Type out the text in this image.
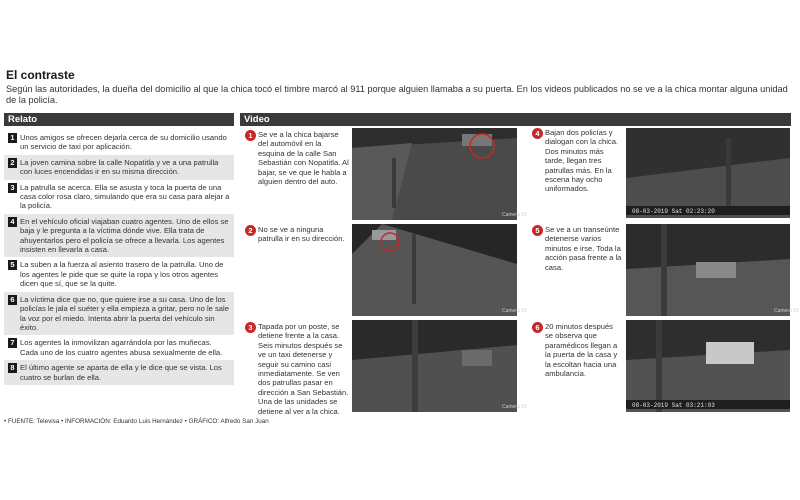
El contraste
Según las autoridades, la dueña del domicilio al que la chica tocó el timbre marcó al 911 porque alguien llamaba a su puerta. En los videos publicados no se ve a la chica montar alguna unidad de la policía.
Relato	Video
1 Unos amigos se ofrecen dejarla cerca de su domicilio usando un servicio de taxi por aplicación.
2 La joven camina sobre la calle Nopatitla y ve a una patrulla con luces encendidas ir en su misma dirección.
3 La patrulla se acerca. Ella se asusta y toca la puerta de una casa color rosa claro, simulando que era su casa para alejar a la policía.
4 En el vehículo oficial viajaban cuatro agentes. Uno de ellos se baja y le pregunta a la víctima dónde vive. Ella trata de ahuyentarlos pero el policía se ofrece a llevarla. Los agentes insisten en llevarla a casa.
5 La suben a la fuerza al asiento trasero de la patrulla. Uno de los agentes le pide que se quite la ropa y los otros agentes dicen que sí, que se la quite.
6 La víctima dice que no, que quiere irse a su casa. Uno de los policías le jala el suéter y ella empieza a gritar, pero no le sale la voz por el miedo. Intenta abrir la puerta del vehículo sin éxito.
7 Los agentes la inmovilizan agarrándola por las muñecas. Cada uno de los cuatro agentes abusa sexualmente de ella.
8 El último agente se aparta de ella y le dice que se vista. Los cuatro se burlan de ella.
1 Se ve a la chica bajarse del automóvil en la esquina de la calle San Sebastián con Nopatitla. Al bajar, se ve que le habla a alguien dentro del auto.
Camera 01
2 No se ve a ninguna patrulla ir en su dirección.
Camera 01
3 Tapada por un poste, se detiene frente a la casa. Seis minutos después se ve un taxi detenerse y seguir su camino casi inmediatamente. Se ven dos patrullas pasar en dirección a San Sebastián. Una de las unidades se detiene al ver a la chica.	Camera 01
4 Bajan dos policías y dialogan con la chica. Dos minutos más tarde, llegan tres patrullas más. En la escena hay ocho uniformados.
08-03-2019 Sat 02:23:20
5 Se ve a un transeúnte detenerse varios minutos e irse. Toda la acción pasa frente a la casa.
Camera 01
6 20 minutos después se observa que paramédicos llegan a la puerta de la casa y la escoltan hacia una ambulancia.
08-03-2019 Sat 03:21:03
• FUENTE: Televisa • INFORMACIÓN: Eduardo Luis Hernández • GRÁFICO: Alfredo San Juan
